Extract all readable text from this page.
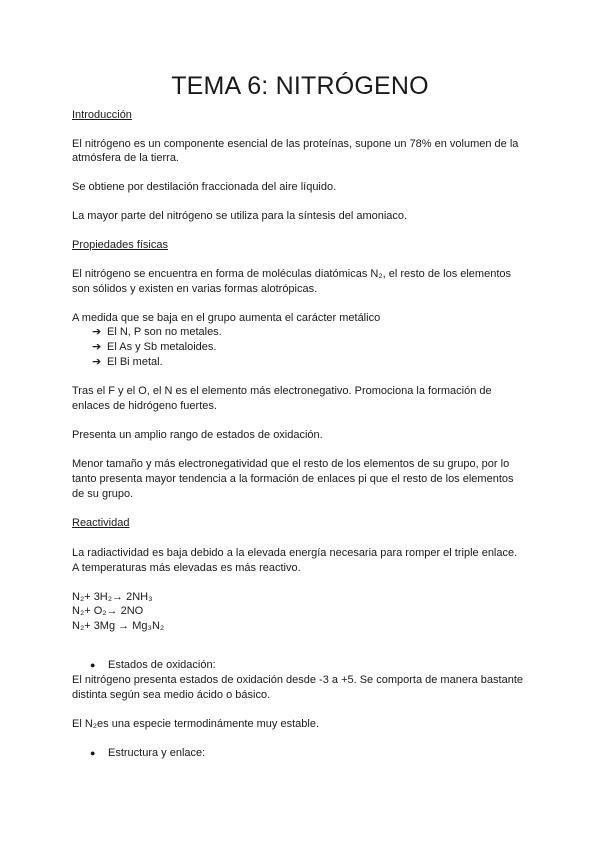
TEMA 6: NITRÓGENO
Introducción
El nitrógeno es un componente esencial de las proteínas, supone un 78% en volumen de la
atmósfera de la tierra.
Se obtiene por destilación fraccionada del aire líquido.
La mayor parte del nitrógeno se utiliza para la síntesis del amoniaco.
Propiedades físicas
El nitrógeno se encuentra en forma de moléculas diatómicas N₂, el resto de los elementos
son sólidos y existen en varias formas alotrópicas.
A medida que se baja en el grupo aumenta el carácter metálico
➔ El N, P son no metales.
➔ El As y Sb metaloides.
➔ El Bi metal.
Tras el F y el O, el N es el elemento más electronegativo. Promociona la formación de
enlaces de hidrógeno fuertes.
Presenta un amplio rango de estados de oxidación.
Menor tamaño y más electronegatividad que el resto de los elementos de su grupo, por lo
tanto presenta mayor tendencia a la formación de enlaces pi que el resto de los elementos
de su grupo.
Reactividad
La radiactividad es baja debido a la elevada energía necesaria para romper el triple enlace.
A temperaturas más elevadas es más reactivo.
N₂+ 3H₂→ 2NH₃
N₂+ O₂→ 2NO
N₂+ 3Mg → Mg₃N₂
● Estados de oxidación:
El nitrógeno presenta estados de oxidación desde -3 a +5. Se comporta de manera bastante
distinta según sea medio ácido o básico.
El N₂es una especie termodinámente muy estable.
● Estructura y enlace:
